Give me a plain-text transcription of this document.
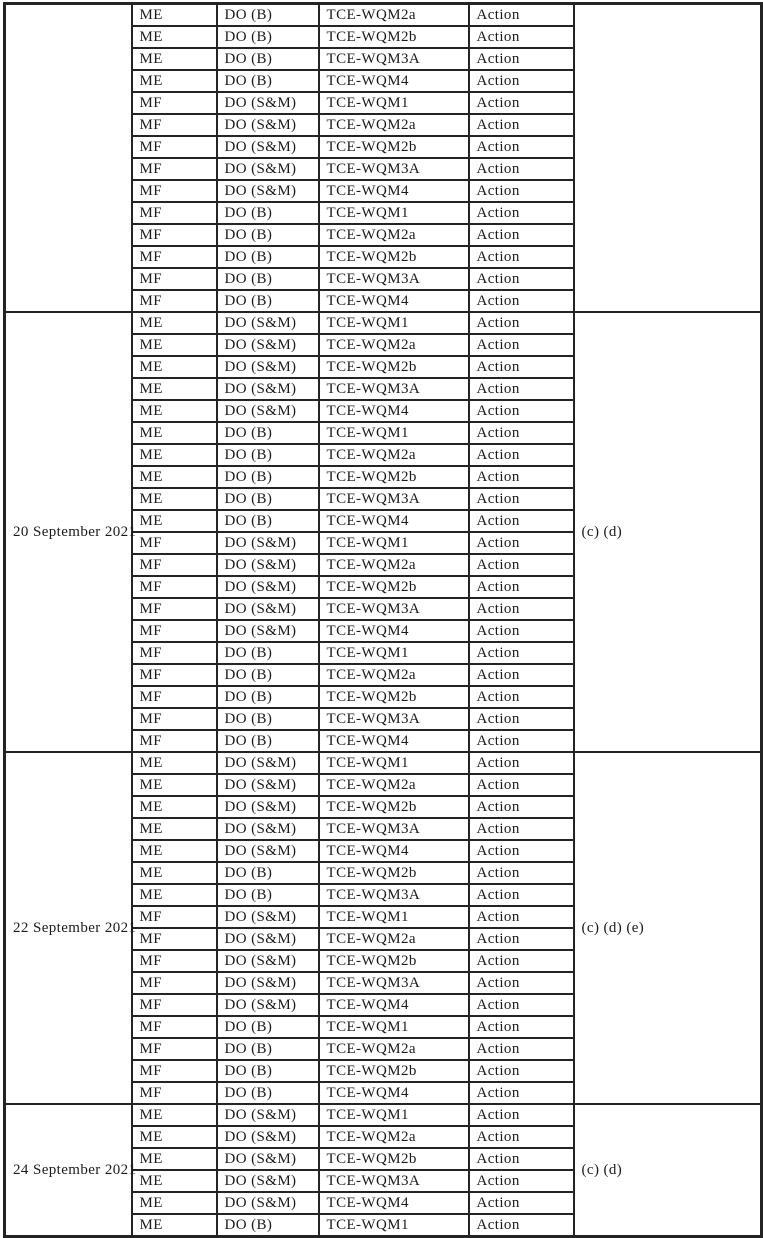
	ME	DO (B)	TCE-WQM2a	Action	
	ME	DO (B)	TCE-WQM2b	Action	
	ME	DO (B)	TCE-WQM3A	Action	
	ME	DO (B)	TCE-WQM4	Action	
	MF	DO (S&M)	TCE-WQM1	Action	
	MF	DO (S&M)	TCE-WQM2a	Action	
	MF	DO (S&M)	TCE-WQM2b	Action	
	MF	DO (S&M)	TCE-WQM3A	Action	
	MF	DO (S&M)	TCE-WQM4	Action	
	MF	DO (B)	TCE-WQM1	Action	
	MF	DO (B)	TCE-WQM2a	Action	
	MF	DO (B)	TCE-WQM2b	Action	
	MF	DO (B)	TCE-WQM3A	Action	
	MF	DO (B)	TCE-WQM4	Action	
20 September 2021	ME	DO (S&M)	TCE-WQM1	Action	(c) (d)
	ME	DO (S&M)	TCE-WQM2a	Action	
	ME	DO (S&M)	TCE-WQM2b	Action	
	ME	DO (S&M)	TCE-WQM3A	Action	
	ME	DO (S&M)	TCE-WQM4	Action	
	ME	DO (B)	TCE-WQM1	Action	
	ME	DO (B)	TCE-WQM2a	Action	
	ME	DO (B)	TCE-WQM2b	Action	
	ME	DO (B)	TCE-WQM3A	Action	
	ME	DO (B)	TCE-WQM4	Action	
	MF	DO (S&M)	TCE-WQM1	Action	
	MF	DO (S&M)	TCE-WQM2a	Action	
	MF	DO (S&M)	TCE-WQM2b	Action	
	MF	DO (S&M)	TCE-WQM3A	Action	
	MF	DO (S&M)	TCE-WQM4	Action	
	MF	DO (B)	TCE-WQM1	Action	
	MF	DO (B)	TCE-WQM2a	Action	
	MF	DO (B)	TCE-WQM2b	Action	
	MF	DO (B)	TCE-WQM3A	Action	
	MF	DO (B)	TCE-WQM4	Action	
22 September 2021	ME	DO (S&M)	TCE-WQM1	Action	(c) (d) (e)
	ME	DO (S&M)	TCE-WQM2a	Action	
	ME	DO (S&M)	TCE-WQM2b	Action	
	ME	DO (S&M)	TCE-WQM3A	Action	
	ME	DO (S&M)	TCE-WQM4	Action	
	ME	DO (B)	TCE-WQM2b	Action	
	ME	DO (B)	TCE-WQM3A	Action	
	MF	DO (S&M)	TCE-WQM1	Action	
	MF	DO (S&M)	TCE-WQM2a	Action	
	MF	DO (S&M)	TCE-WQM2b	Action	
	MF	DO (S&M)	TCE-WQM3A	Action	
	MF	DO (S&M)	TCE-WQM4	Action	
	MF	DO (B)	TCE-WQM1	Action	
	MF	DO (B)	TCE-WQM2a	Action	
	MF	DO (B)	TCE-WQM2b	Action	
	MF	DO (B)	TCE-WQM4	Action	
24 September 2021	ME	DO (S&M)	TCE-WQM1	Action	(c) (d)
	ME	DO (S&M)	TCE-WQM2a	Action	
	ME	DO (S&M)	TCE-WQM2b	Action	
	ME	DO (S&M)	TCE-WQM3A	Action	
	ME	DO (S&M)	TCE-WQM4	Action	
	ME	DO (B)	TCE-WQM1	Action	
